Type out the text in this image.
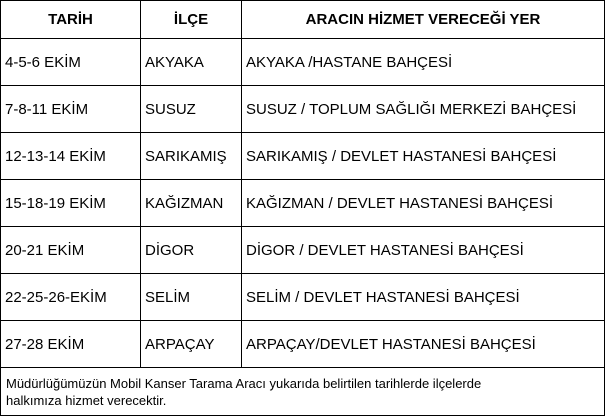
TARİH	İLÇE	ARACIN HİZMET VERECEĞİ YER
4-5-6 EKİM	AKYAKA	AKYAKA /HASTANE BAHÇESİ
7-8-11 EKİM	SUSUZ	SUSUZ / TOPLUM SAĞLIĞI MERKEZİ BAHÇESİ
12-13-14 EKİM	SARIKAMIŞ	SARIKAMIŞ / DEVLET HASTANESİ BAHÇESİ
15-18-19 EKİM	KAĞIZMAN	KAĞIZMAN / DEVLET HASTANESİ BAHÇESİ
20-21 EKİM	DİGOR	DİGOR / DEVLET HASTANESİ BAHÇESİ
22-25-26-EKİM	SELİM	SELİM / DEVLET HASTANESİ BAHÇESİ
27-28 EKİM	ARPAÇAY	ARPAÇAY/DEVLET HASTANESİ BAHÇESİ

Müdürlüğümüzün Mobil Kanser Tarama Aracı yukarıda belirtilen tarihlerde ilçelerde
halkımıza hizmet verecektir.		
